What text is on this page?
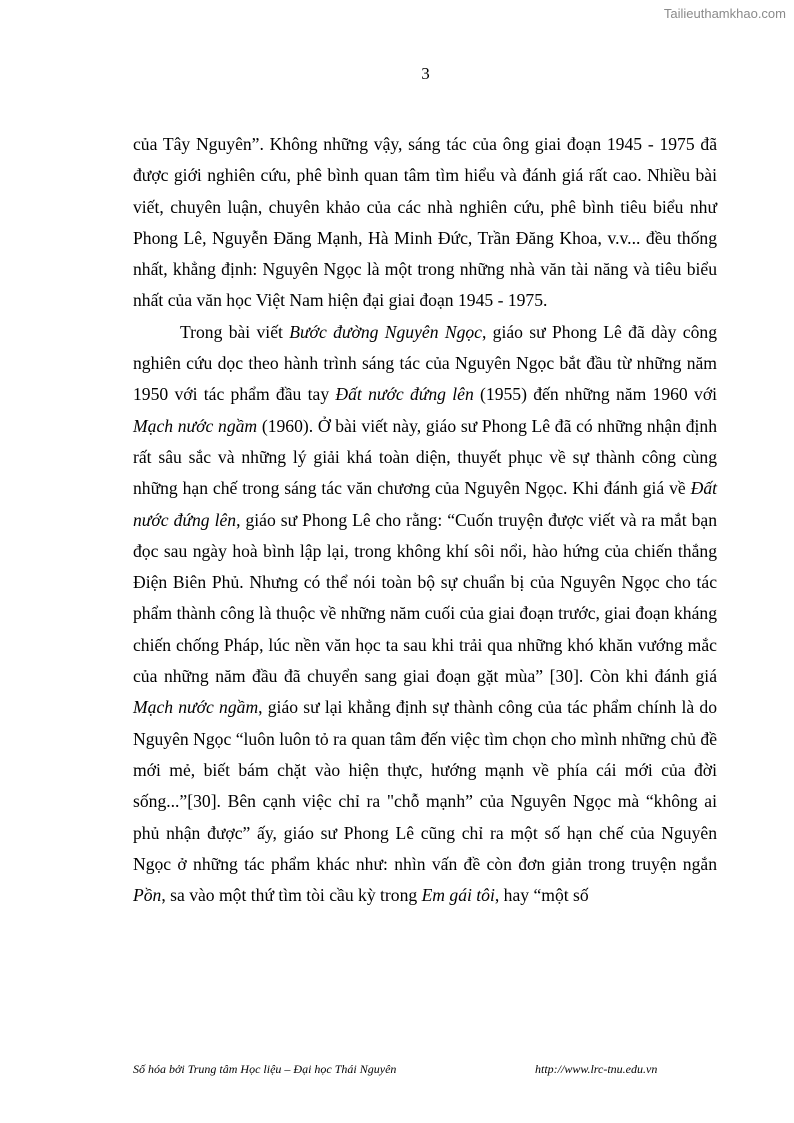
Tailieuthamkhao.com
3

của Tây Nguyên”. Không những vậy, sáng tác của ông giai đoạn 1945 - 1975 đã được giới nghiên cứu, phê bình quan tâm tìm hiểu và đánh giá rất cao. Nhiều bài viết, chuyên luận, chuyên khảo của các nhà nghiên cứu, phê bình tiêu biểu như Phong Lê, Nguyễn Đăng Mạnh, Hà Minh Đức, Trần Đăng Khoa, v.v... đều thống nhất, khẳng định: Nguyên Ngọc là một trong những nhà văn tài năng và tiêu biểu nhất của văn học Việt Nam hiện đại giai đoạn 1945 - 1975.

Trong bài viết Bước đường Nguyên Ngọc, giáo sư Phong Lê đã dày công nghiên cứu dọc theo hành trình sáng tác của Nguyên Ngọc bắt đầu từ những năm 1950 với tác phẩm đầu tay Đất nước đứng lên (1955) đến những năm 1960 với Mạch nước ngầm (1960). Ở bài viết này, giáo sư Phong Lê đã có những nhận định rất sâu sắc và những lý giải khá toàn diện, thuyết phục về sự thành công cùng những hạn chế trong sáng tác văn chương của Nguyên Ngọc. Khi đánh giá về Đất nước đứng lên, giáo sư Phong Lê cho rằng: “Cuốn truyện được viết và ra mắt bạn đọc sau ngày hoà bình lập lại, trong không khí sôi nổi, hào hứng của chiến thắng Điện Biên Phủ. Nhưng có thể nói toàn bộ sự chuẩn bị của Nguyên Ngọc cho tác phẩm thành công là thuộc về những năm cuối của giai đoạn trước, giai đoạn kháng chiến chống Pháp, lúc nền văn học ta sau khi trải qua những khó khăn vướng mắc của những năm đầu đã chuyển sang giai đoạn gặt mùa” [30]. Còn khi đánh giá Mạch nước ngầm, giáo sư lại khẳng định sự thành công của tác phẩm chính là do Nguyên Ngọc “luôn luôn tỏ ra quan tâm đến việc tìm chọn cho mình những chủ đề mới mẻ, biết bám chặt vào hiện thực, hướng mạnh về phía cái mới của đời sống...”[30]. Bên cạnh việc chỉ ra "chỗ mạnh” của Nguyên Ngọc mà “không ai phủ nhận được” ấy, giáo sư Phong Lê cũng chỉ ra một số hạn chế của Nguyên Ngọc ở những tác phẩm khác như: nhìn vấn đề còn đơn giản trong truyện ngắn Pồn, sa vào một thứ tìm tòi cầu kỳ trong Em gái tôi, hay “một số

Số hóa bởi Trung tâm Học liệu – Đại học Thái Nguyên	http://www.lrc-tnu.edu.vn
